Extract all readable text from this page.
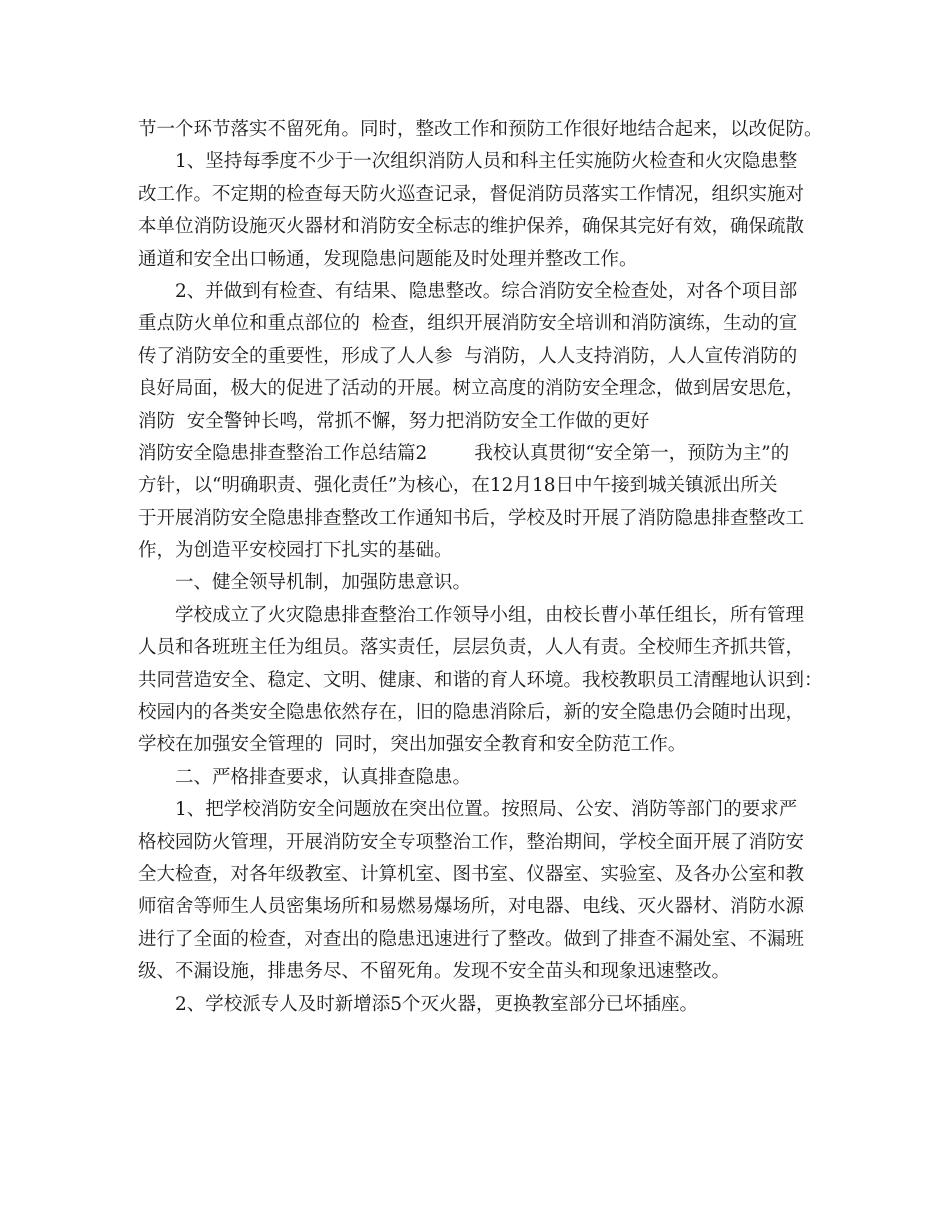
节一个环节落实不留死角。同时，整改工作和预防工作很好地结合起来，以改促防。
1、坚持每季度不少于一次组织消防人员和科主任实施防火检查和火灾隐患整
改工作。不定期的检查每天防火巡查记录，督促消防员落实工作情况，组织实施对
本单位消防设施灭火器材和消防安全标志的维护保养，确保其完好有效，确保疏散
通道和安全出口畅通，发现隐患问题能及时处理并整改工作。
2、并做到有检查、有结果、隐患整改。综合消防安全检查处，对各个项目部
重点防火单位和重点部位的  检查，组织开展消防安全培训和消防演练，生动的宣
传了消防安全的重要性，形成了人人参  与消防，人人支持消防，人人宣传消防的
良好局面，极大的促进了活动的开展。树立高度的消防安全理念，做到居安思危，
消防  安全警钟长鸣，常抓不懈，努力把消防安全工作做的更好
消防安全隐患排查整治工作总结篇2        我校认真贯彻“安全第一，预防为主”的
方针，以“明确职责、强化责任”为核心，在12月18日中午接到城关镇派出所关
于开展消防安全隐患排查整改工作通知书后，学校及时开展了消防隐患排查整改工
作，为创造平安校园打下扎实的基础。
一、健全领导机制，加强防患意识。
学校成立了火灾隐患排查整治工作领导小组，由校长曹小革任组长，所有管理
人员和各班班主任为组员。落实责任，层层负责，人人有责。全校师生齐抓共管，
共同营造安全、稳定、文明、健康、和谐的育人环境。我校教职员工清醒地认识到：
校园内的各类安全隐患依然存在，旧的隐患消除后，新的安全隐患仍会随时出现，
学校在加强安全管理的  同时，突出加强安全教育和安全防范工作。
二、严格排查要求，认真排查隐患。
1、把学校消防安全问题放在突出位置。按照局、公安、消防等部门的要求严
格校园防火管理，开展消防安全专项整治工作，整治期间，学校全面开展了消防安
全大检查，对各年级教室、计算机室、图书室、仪器室、实验室、及各办公室和教
师宿舍等师生人员密集场所和易燃易爆场所，对电器、电线、灭火器材、消防水源
进行了全面的检查，对查出的隐患迅速进行了整改。做到了排查不漏处室、不漏班
级、不漏设施，排患务尽、不留死角。发现不安全苗头和现象迅速整改。
2、学校派专人及时新增添5个灭火器，更换教室部分已坏插座。
